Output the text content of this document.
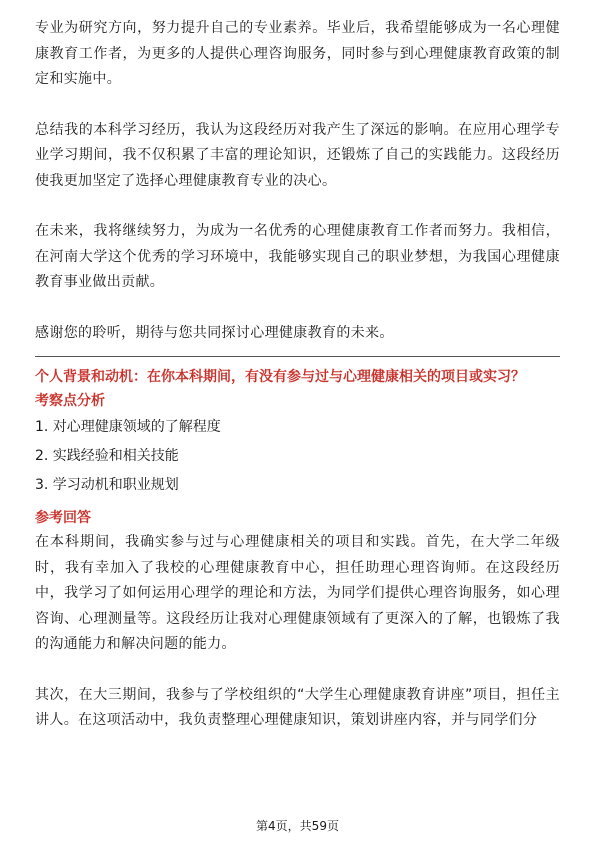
专业为研究方向，努力提升自己的专业素养。毕业后，我希望能够成为一名心理健康教育工作者，为更多的人提供心理咨询服务，同时参与到心理健康教育政策的制定和实施中。

总结我的本科学习经历，我认为这段经历对我产生了深远的影响。在应用心理学专业学习期间，我不仅积累了丰富的理论知识，还锻炼了自己的实践能力。这段经历使我更加坚定了选择心理健康教育专业的决心。

在未来，我将继续努力，为成为一名优秀的心理健康教育工作者而努力。我相信，在河南大学这个优秀的学习环境中，我能够实现自己的职业梦想，为我国心理健康教育事业做出贡献。

感谢您的聆听，期待与您共同探讨心理健康教育的未来。

个人背景和动机：在你本科期间，有没有参与过与心理健康相关的项目或实习？

考察点分析

1. 对心理健康领域的了解程度
2. 实践经验和相关技能
3. 学习动机和职业规划

参考回答

在本科期间，我确实参与过与心理健康相关的项目和实践。首先，在大学二年级时，我有幸加入了我校的心理健康教育中心，担任助理心理咨询师。在这段经历中，我学习了如何运用心理学的理论和方法，为同学们提供心理咨询服务，如心理咨询、心理测量等。这段经历让我对心理健康领域有了更深入的了解，也锻炼了我的沟通能力和解决问题的能力。

其次，在大三期间，我参与了学校组织的“大学生心理健康教育讲座”项目，担任主讲人。在这项活动中，我负责整理心理健康知识，策划讲座内容，并与同学们分

第4页，共59页
